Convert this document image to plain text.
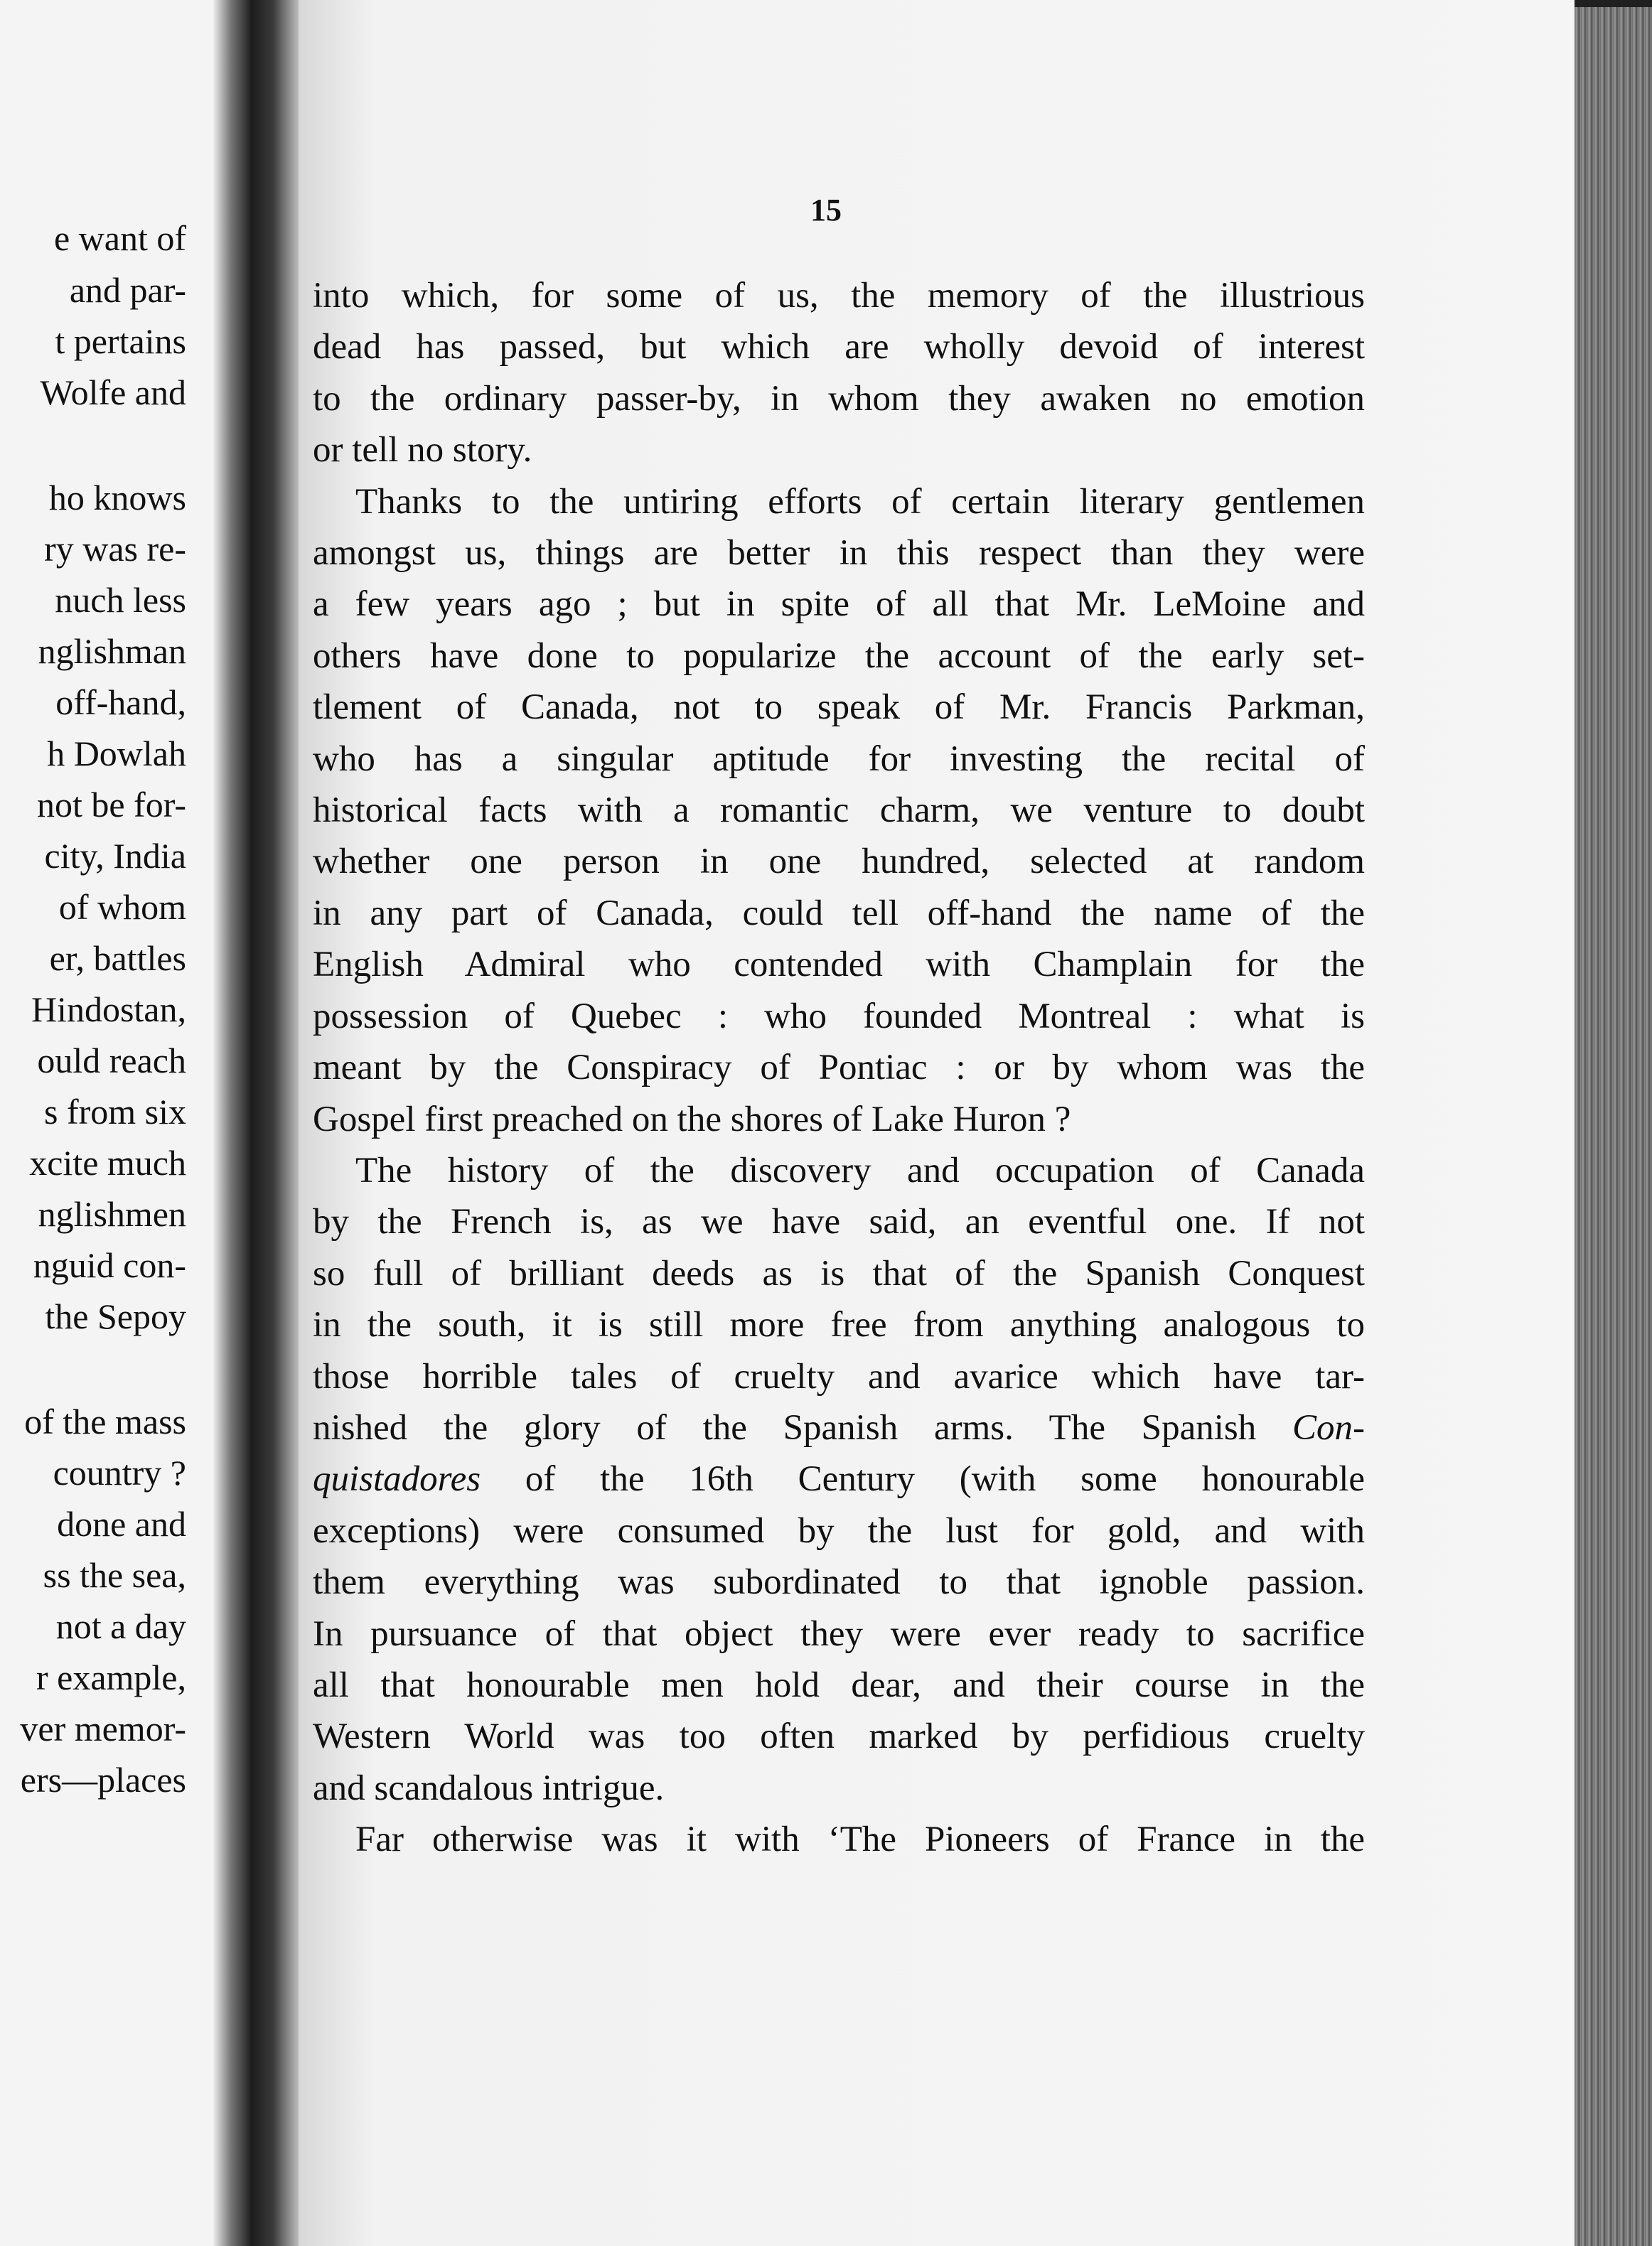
e want of
and par-
t pertains
Wolfe and
ho knows
ry was re-
nuch less
nglishman
off-hand,
h Dowlah
not be for-
city, India
of whom
er, battles
Hindostan,
ould reach
s from six
xcite much
nglishmen
nguid con-
the Sepoy
of the mass
country ?
done and
ss the sea,
not a day
r example,
ver memor-
ers—places
15

into which, for some of us, the memory of the illustrious
dead has passed, but which are wholly devoid of interest
to the ordinary passer-by, in whom they awaken no emotion
or tell no story.

Thanks to the untiring efforts of certain literary gentlemen
amongst us, things are better in this respect than they were
a few years ago ; but in spite of all that Mr. LeMoine and
others have done to popularize the account of the early set-
tlement of Canada, not to speak of Mr. Francis Parkman,
who has a singular aptitude for investing the recital of
historical facts with a romantic charm, we venture to doubt
whether one person in one hundred, selected at random
in any part of Canada, could tell off-hand the name of the
English Admiral who contended with Champlain for the
possession of Quebec : who founded Montreal : what is
meant by the Conspiracy of Pontiac : or by whom was the
Gospel first preached on the shores of Lake Huron ?

The history of the discovery and occupation of Canada
by the French is, as we have said, an eventful one. If not
so full of brilliant deeds as is that of the Spanish Conquest
in the south, it is still more free from anything analogous to
those horrible tales of cruelty and avarice which have tar-
nished the glory of the Spanish arms. The Spanish Con-
quistadores of the 16th Century (with some honourable
exceptions) were consumed by the lust for gold, and with
them everything was subordinated to that ignoble passion.
In pursuance of that object they were ever ready to sacrifice
all that honourable men hold dear, and their course in the
Western World was too often marked by perfidious cruelty
and scandalous intrigue.

Far otherwise was it with ‘The Pioneers of France in the
